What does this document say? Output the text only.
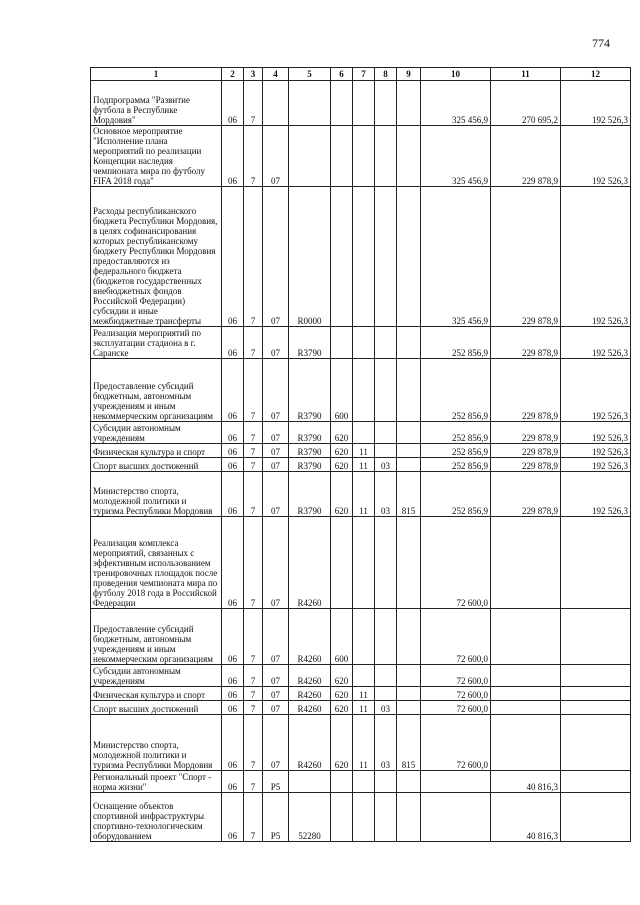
774
1	2	3	4	5	6	7	8	9	10	11	12
Подпрограмма "Развитие футбола в Республике Мордовия"	06	7							325 456,9	270 695,2	192 526,3
Основное мероприятие "Исполнение плана мероприятий по реализации Концепции наследия чемпионата мира по футболу FIFA 2018 года"	06	7	07						325 456,9	229 878,9	192 526,3
Расходы республиканского бюджета Республики Мордовия, в целях софинансирования которых республиканскому бюджету Республики Мордовия предоставляются из федерального бюджета (бюджетов государственных внебюджетных фондов Российской Федерации) субсидии и иные межбюджетные трансферты	06	7	07	R0000					325 456,9	229 878,9	192 526,3
Реализация мероприятий по эксплуатации стадиона в г. Саранске	06	7	07	R3790					252 856,9	229 878,9	192 526,3
Предоставление субсидий бюджетным, автономным учреждениям и иным некоммерческим организациям	06	7	07	R3790	600				252 856,9	229 878,9	192 526,3
Субсидии автономным учреждениям	06	7	07	R3790	620				252 856,9	229 878,9	192 526,3
Физическая культура и спорт	06	7	07	R3790	620	11			252 856,9	229 878,9	192 526,3
Спорт высших достижений	06	7	07	R3790	620	11	03		252 856,9	229 878,9	192 526,3
Министерство спорта, молодежной политики и туризма Республики Мордовия	06	7	07	R3790	620	11	03	815	252 856,9	229 878,9	192 526,3
Реализация комплекса мероприятий, связанных с эффективным использованием тренировочных площадок после проведения чемпионата мира по футболу 2018 года в Российской Федерации	06	7	07	R4260					72 600,0		
Предоставление субсидий бюджетным, автономным учреждениям и иным некоммерческим организациям	06	7	07	R4260	600				72 600,0		
Субсидии автономным учреждениям	06	7	07	R4260	620				72 600,0		
Физическая культура и спорт	06	7	07	R4260	620	11			72 600,0		
Спорт высших достижений	06	7	07	R4260	620	11	03		72 600,0		
Министерство спорта, молодежной политики и туризма Республики Мордовия	06	7	07	R4260	620	11	03	815	72 600,0		
Региональный проект "Спорт - норма жизни"	06	7	P5							40 816,3	
Оснащение объектов спортивной инфраструктуры спортивно-технологическим оборудованием	06	7	P5	52280						40 816,3	
